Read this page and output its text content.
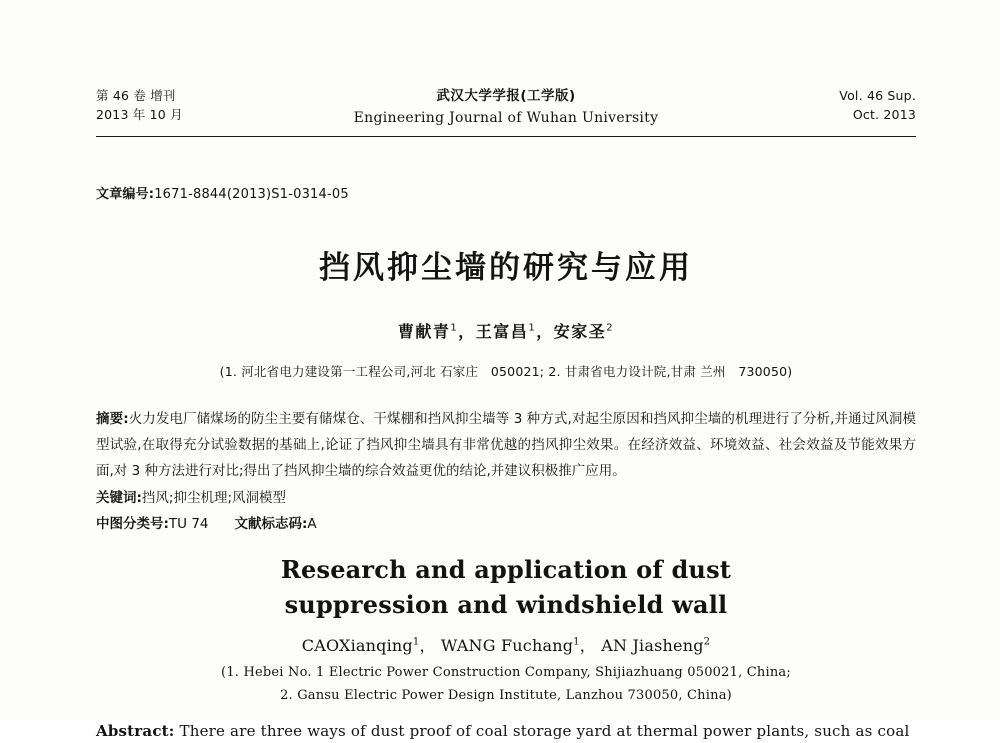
第 46 卷 增刊
2013 年 10 月
武汉大学学报(工学版)
Engineering Journal of Wuhan University
Vol. 46 Sup.
Oct. 2013
文章编号:1671-8844(2013)S1-0314-05
挡风抑尘墙的研究与应用
曹献青$^1$，王富昌$^1$，安家圣$^2$
(1. 河北省电力建设第一工程公司,河北 石家庄　050021; 2. 甘肃省电力设计院,甘肃 兰州　730050)
摘要:火力发电厂储煤场的防尘主要有储煤仓、干煤棚和挡风抑尘墙等 3 种方式,对起尘原因和挡风抑尘墙的机理进行了分析,并通过风洞模型试验,在取得充分试验数据的基础上,论证了挡风抑尘墙具有非常优越的挡风抑尘效果。在经济效益、环境效益、社会效益及节能效果方面,对 3 种方法进行对比;得出了挡风抑尘墙的综合效益更优的结论,并建议积极推广应用。
关键词:挡风;抑尘机理;风洞模型
中图分类号:TU 74 文献标志码:A
Research and application of dust
suppression and windshield wall
CAOXianqing$^1$， WANG Fuchang$^1$， AN Jiasheng$^2$
(1. Hebei No. 1 Electric Power Construction Company, Shijiazhuang 050021, China;
2. Gansu Electric Power Design Institute, Lanzhou 730050, China)
Abstract: There are three ways of dust proof of coal storage yard at thermal power plants, such as coal
